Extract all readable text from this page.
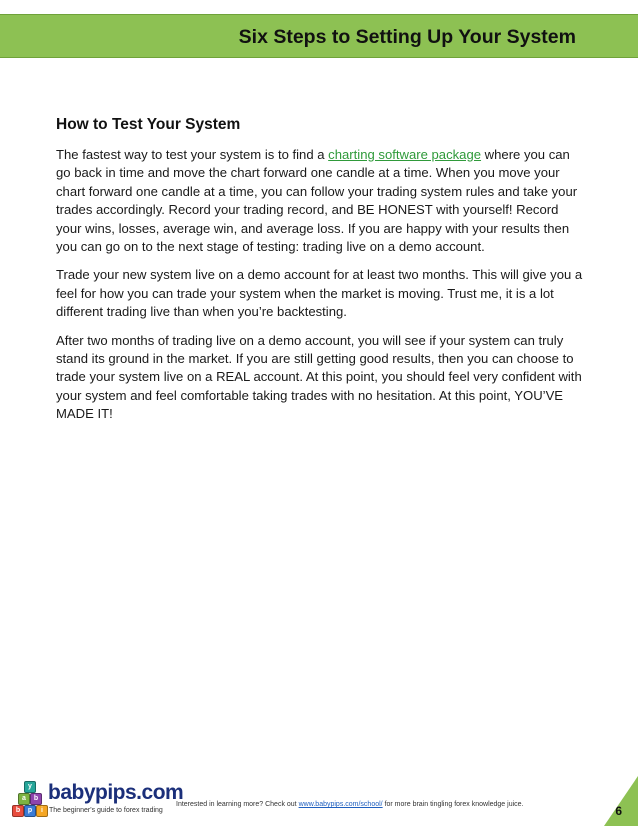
Six Steps to Setting Up Your System
How to Test Your System

The fastest way to test your system is to find a charting software package where you can go back in time and move the chart forward one candle at a time. When you move your chart forward one candle at a time, you can follow your trading system rules and take your trades accordingly. Record your trading record, and BE HONEST with yourself! Record your wins, losses, average win, and average loss. If you are happy with your results then you can go on to the next stage of testing: trading live on a demo account.

Trade your new system live on a demo account for at least two months. This will give you a feel for how you can trade your system when the market is moving. Trust me, it is a lot different trading live than when you’re backtesting.

After two months of trading live on a demo account, you will see if your system can truly stand its ground in the market. If you are still getting good results, then you can choose to trade your system live on a REAL account. At this point, you should feel very confident with your system and feel comfortable taking trades with no hesitation. At this point, YOU’VE MADE IT!

b	p	i
a	b
y babypips.com
The beginner's guide to forex trading
Interested in learning more? Check out www.babypips.com/school/ for more brain tingling forex knowledge juice.	6
